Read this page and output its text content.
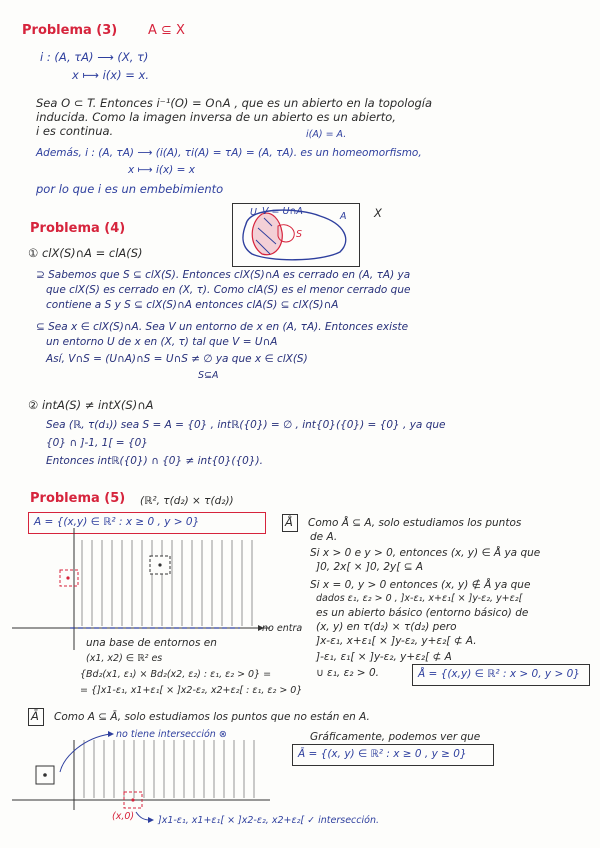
Problema (3) A ⊆ X
i : (A, τA) ⟶ (X, τ)
x ⟼ i(x) = x.
Sea O ⊂ T. Entonces i⁻¹(O) = O∩A , que es un abierto en la topología
inducida. Como la imagen inversa de un abierto es un abierto,
i es continua.	i(A) = A.
Además, i : (A, τA) ⟶ (i(A), τi(A) = τA) = (A, τA). es un homeomorfismo,
x ⟼ i(x) = x
por lo que i es un embebimiento
Problema (4)
U V = U∩A	A
S
X
① clX(S)∩A = clA(S)
⊇ Sabemos que S ⊆ clX(S). Entonces clX(S)∩A es cerrado en (A, τA) ya
que clX(S) es cerrado en (X, τ). Como clA(S) es el menor cerrado que
contiene a S y S ⊆ clX(S)∩A entonces clA(S) ⊆ clX(S)∩A
⊆ Sea x ∈ clX(S)∩A. Sea V un entorno de x en (A, τA). Entonces existe
un entorno U de x en (X, τ) tal que V = U∩A
Así, V∩S = (U∩A)∩S = U∩S ≠ ∅ ya que x ∈ clX(S)
S⊆A
② intA(S) ≠ intX(S)∩A
Sea (ℝ, τ(d₁)) sea S = A = {0} , intℝ({0}) = ∅ , int{0}({0}) = {0} , ya que
{0} ∩ ]-1, 1[ = {0}
Entonces intℝ({0}) ∩ {0} ≠ int{0}({0}).
Problema (5) (ℝ², τ(d₂) × τ(d₂))
A = {(x,y) ∈ ℝ² : x ≥ 0 , y > 0}	Å Como Å ⊆ A, solo estudiamos los puntos
de A.
Si x > 0 e y > 0, entonces (x, y) ∈ Å ya que
]0, 2x[ × ]0, 2y[ ⊆ A
Si x = 0, y > 0 entonces (x, y) ∉ Å ya que
dados ε₁, ε₂ > 0 , ]x-ε₁, x+ε₁[ × ]y-ε₂, y+ε₂[
es un abierto básico (entorno básico) de
(x, y) en τ(d₂) × τ(d₂) pero
]x-ε₁, x+ε₁[ × ]y-ε₂, y+ε₂[ ⊄ A.
]-ε₁, ε₁[ × ]y-ε₂, y+ε₂[ ⊄ A
∪ ε₁, ε₂ > 0.	Å = {(x,y) ∈ ℝ² : x > 0, y > 0}
no entra
una base de entornos en
(x1, x2) ∈ ℝ² es
{Bd₂(x1, ε₁) × Bd₂(x2, ε₂) : ε₁, ε₂ > 0} =
= {]x1-ε₁, x1+ε₁[ × ]x2-ε₂, x2+ε₂[ : ε₁, ε₂ > 0}
Ā Como A ⊆ Ā, solo estudiamos los puntos que no están en A.
no tiene intersección ⊗
(x,0)
Gráficamente, podemos ver que
Ā = {(x, y) ∈ ℝ² : x ≥ 0 , y ≥ 0}
]x1-ε₁, x1+ε₁[ × ]x2-ε₂, x2+ε₂[ ✓ intersección.
